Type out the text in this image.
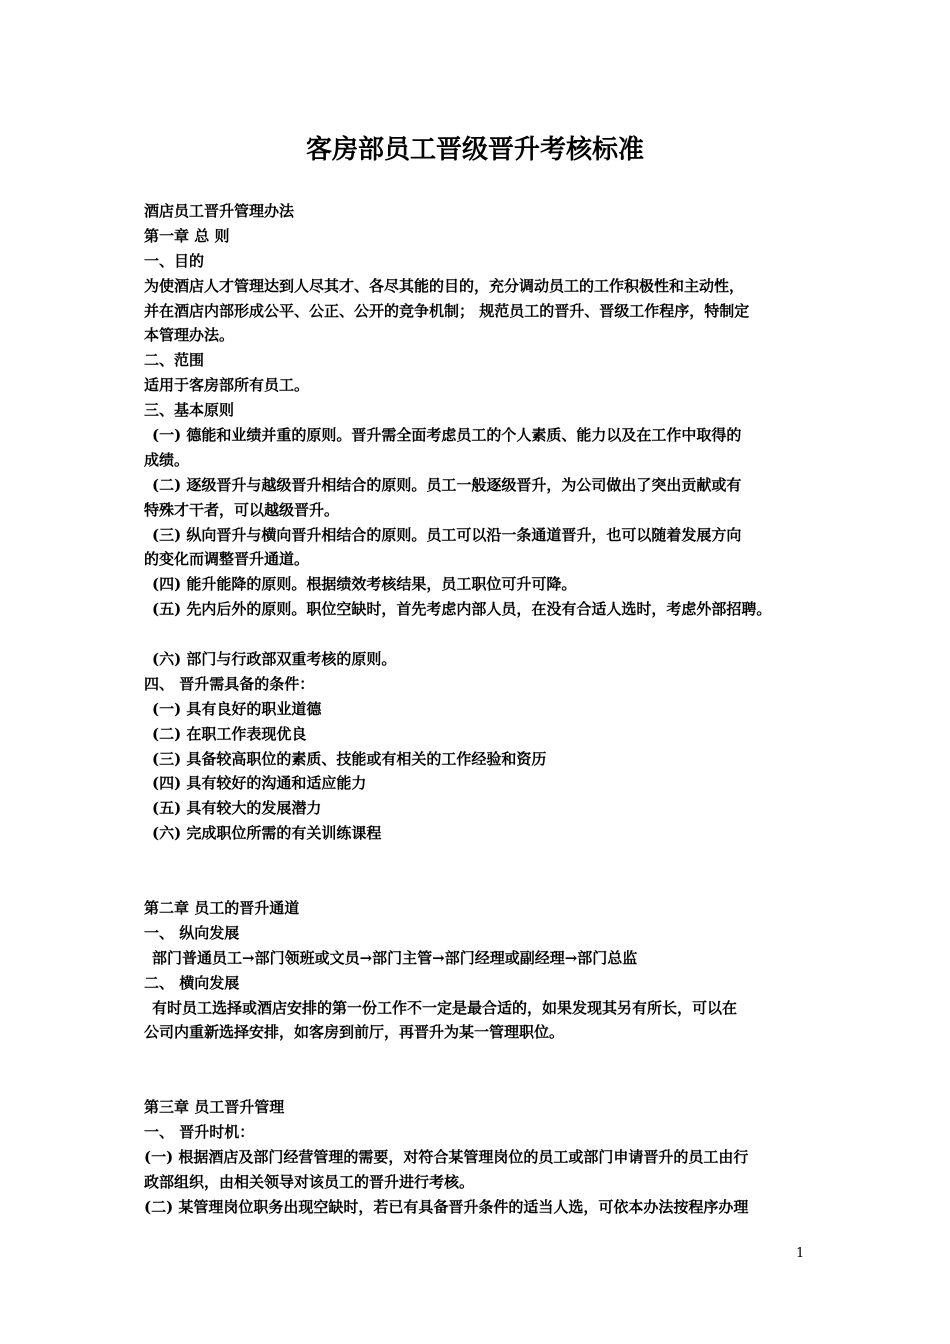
客房部员工晋级晋升考核标准
酒店员工晋升管理办法
第一章 总 则
一、目的
为使酒店人才管理达到人尽其才、各尽其能的目的，充分调动员工的工作积极性和主动性，
并在酒店内部形成公平、公正、公开的竞争机制； 规范员工的晋升、晋级工作程序，特制定
本管理办法。
二、范围
适用于客房部所有员工。
三、基本原则
(一) 德能和业绩并重的原则。晋升需全面考虑员工的个人素质、能力以及在工作中取得的
成绩。
(二) 逐级晋升与越级晋升相结合的原则。员工一般逐级晋升，为公司做出了突出贡献或有
特殊才干者，可以越级晋升。
(三) 纵向晋升与横向晋升相结合的原则。员工可以沿一条通道晋升，也可以随着发展方向
的变化而调整晋升通道。
(四) 能升能降的原则。根据绩效考核结果，员工职位可升可降。
(五) 先内后外的原则。职位空缺时，首先考虑内部人员，在没有合适人选时，考虑外部招聘。
(六) 部门与行政部双重考核的原则。
四、 晋升需具备的条件：
(一) 具有良好的职业道德
(二) 在职工作表现优良
(三) 具备较高职位的素质、技能或有相关的工作经验和资历
(四) 具有较好的沟通和适应能力
(五) 具有较大的发展潜力
(六) 完成职位所需的有关训练课程
第二章 员工的晋升通道
一、 纵向发展
部门普通员工→部门领班或文员→部门主管→部门经理或副经理→部门总监
二、 横向发展
有时员工选择或酒店安排的第一份工作不一定是最合适的，如果发现其另有所长，可以在
公司内重新选择安排，如客房到前厅，再晋升为某一管理职位。
第三章 员工晋升管理
一、 晋升时机：
(一) 根据酒店及部门经营管理的需要，对符合某管理岗位的员工或部门申请晋升的员工由行
政部组织，由相关领导对该员工的晋升进行考核。
(二) 某管理岗位职务出现空缺时，若已有具备晋升条件的适当人选，可依本办法按程序办理
1
